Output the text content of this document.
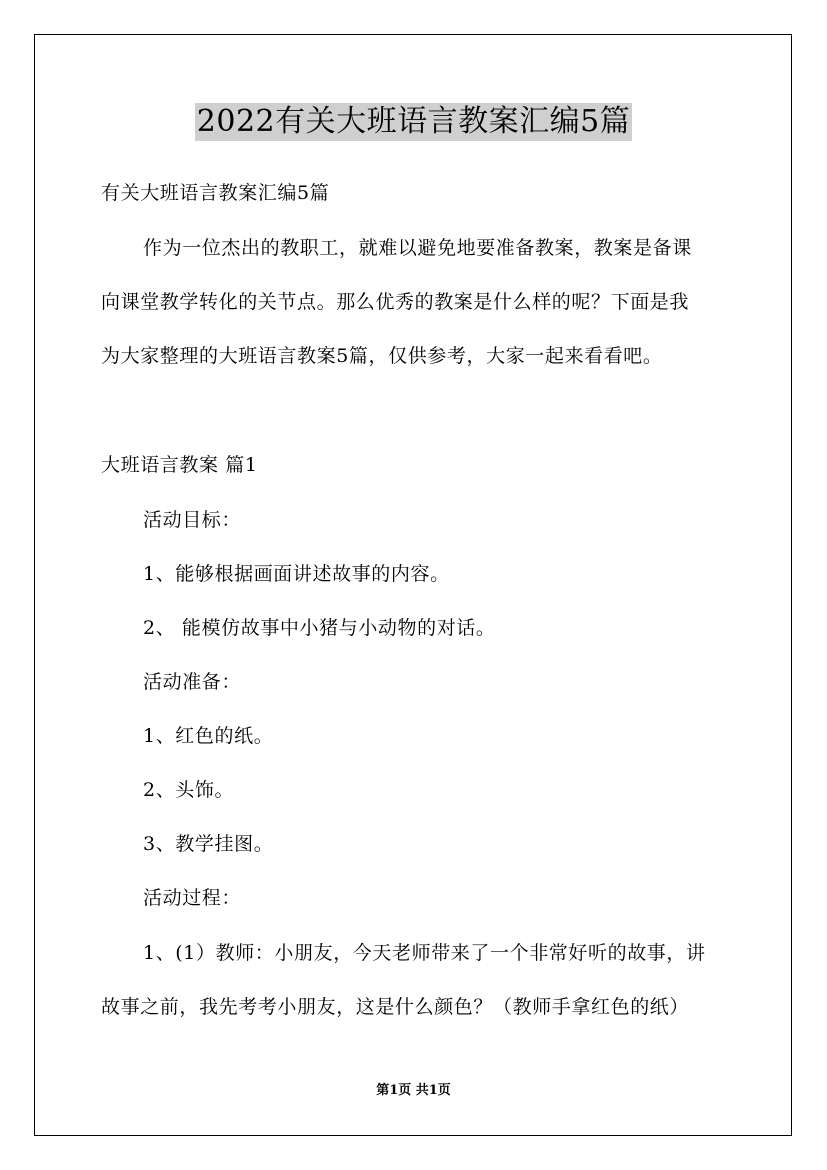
2022有关大班语言教案汇编5篇
有关大班语言教案汇编5篇
作为一位杰出的教职工，就难以避免地要准备教案，教案是备课
向课堂教学转化的关节点。那么优秀的教案是什么样的呢？下面是我
为大家整理的大班语言教案5篇，仅供参考，大家一起来看看吧。
大班语言教案 篇1
活动目标：
1、能够根据画面讲述故事的内容。
2、 能模仿故事中小猪与小动物的对话。
活动准备：
1、红色的纸。
2、头饰。
3、教学挂图。
活动过程：
1、(1）教师：小朋友，今天老师带来了一个非常好听的故事，讲
故事之前，我先考考小朋友，这是什么颜色？（教师手拿红色的纸）
第1页 共1页
